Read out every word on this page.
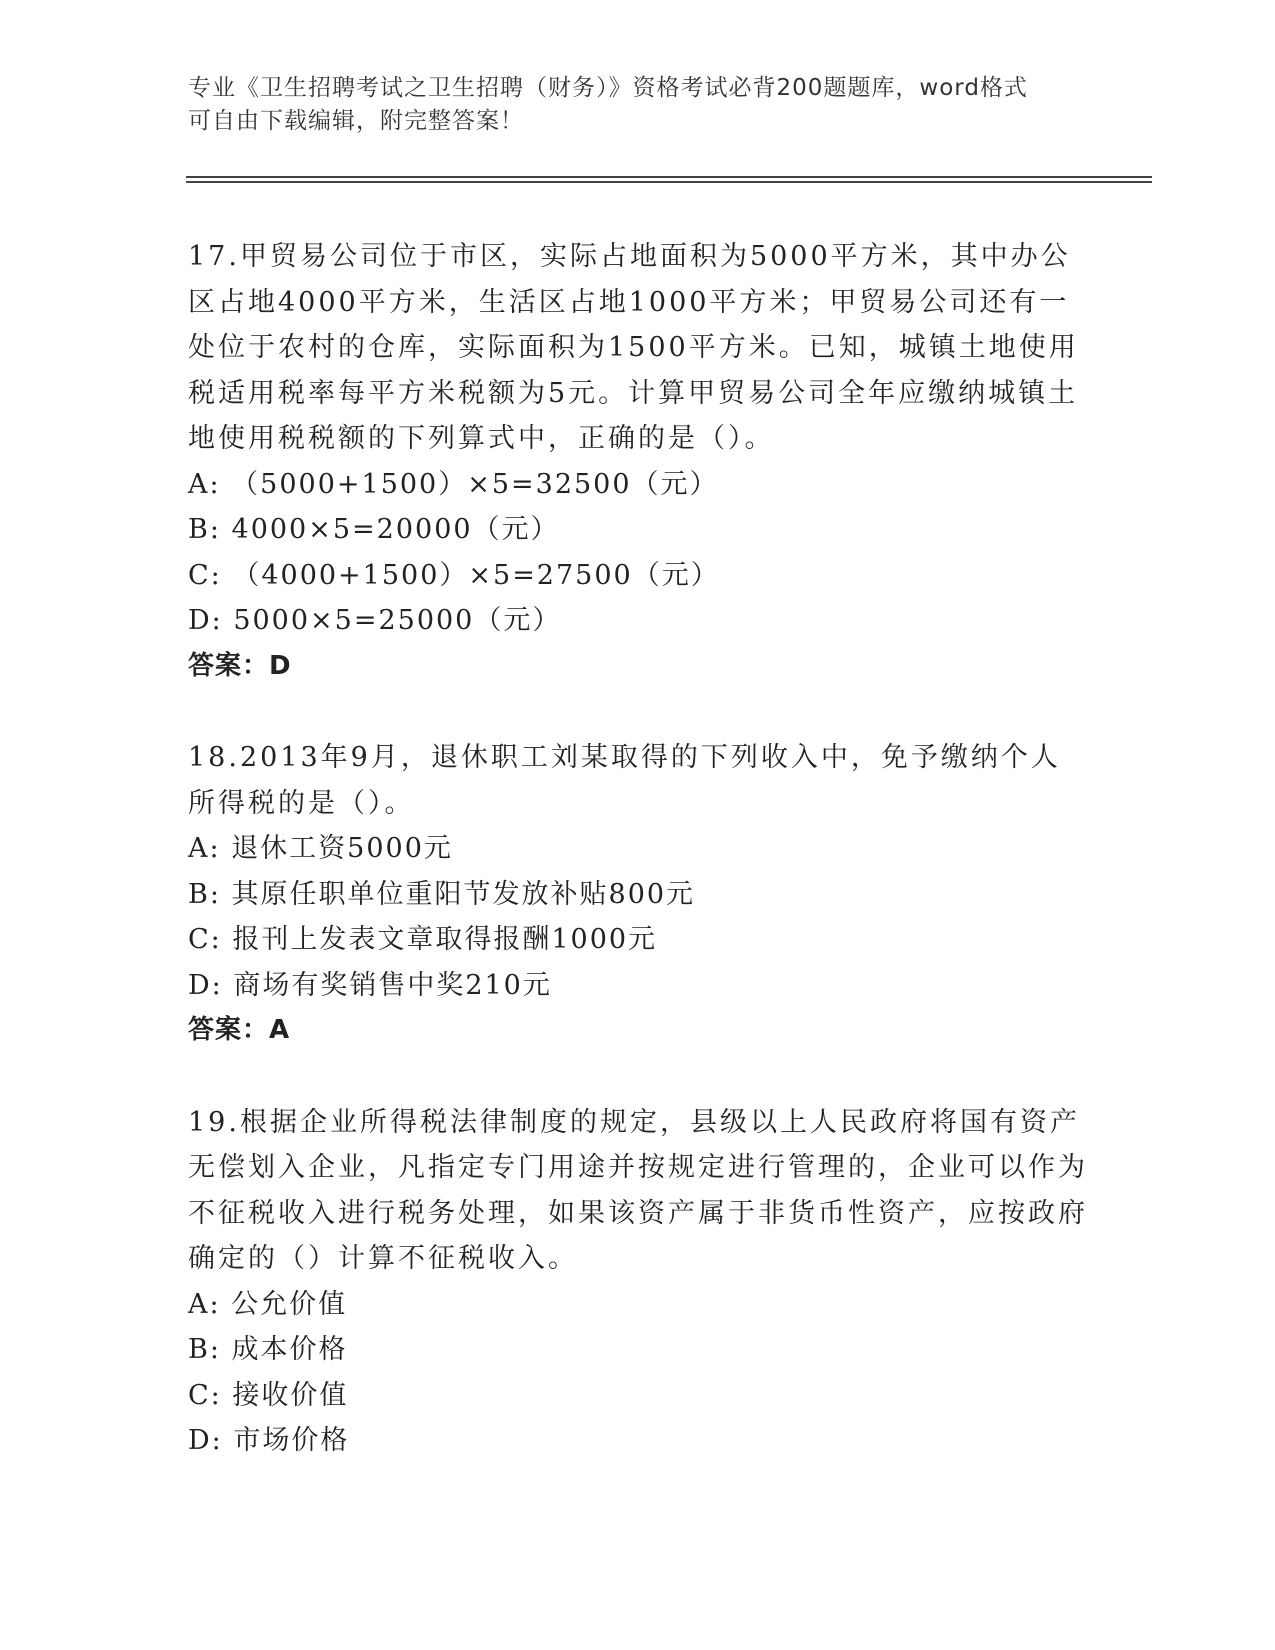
专业《卫生招聘考试之卫生招聘（财务）》资格考试必背200题题库，word格式
可自由下载编辑，附完整答案！
17.甲贸易公司位于市区，实际占地面积为5000平方米，其中办公区占地4000平方米，生活区占地1000平方米；甲贸易公司还有一处位于农村的仓库，实际面积为1500平方米。已知，城镇土地使用税适用税率每平方米税额为5元。计算甲贸易公司全年应缴纳城镇土地使用税税额的下列算式中，正确的是（）。
A: （5000+1500）×5=32500（元）
B: 4000×5=20000（元）
C: （4000+1500）×5=27500（元）
D: 5000×5=25000（元）
答案：D
18.2013年9月，退休职工刘某取得的下列收入中，免予缴纳个人所得税的是（）。
A: 退休工资5000元
B: 其原任职单位重阳节发放补贴800元
C: 报刊上发表文章取得报酬1000元
D: 商场有奖销售中奖210元
答案：A
19.根据企业所得税法律制度的规定，县级以上人民政府将国有资产无偿划入企业，凡指定专门用途并按规定进行管理的，企业可以作为不征税收入进行税务处理，如果该资产属于非货币性资产，应按政府确定的（）计算不征税收入。
A: 公允价值
B: 成本价格
C: 接收价值
D: 市场价格
